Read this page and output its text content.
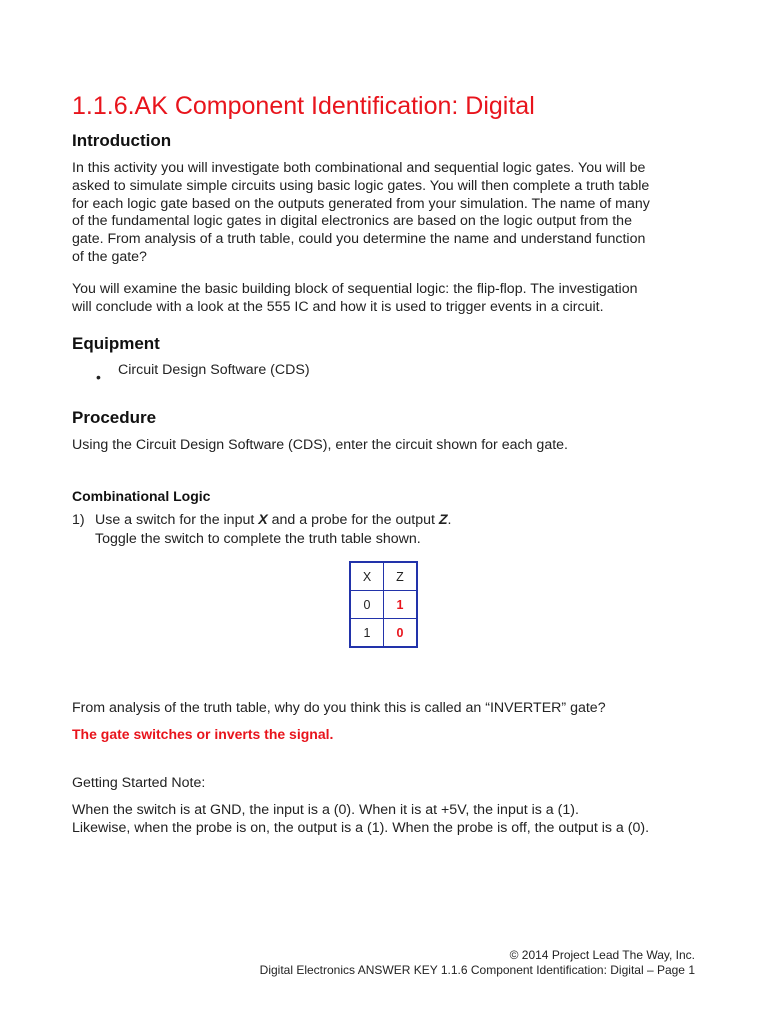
1.1.6.AK Component Identification: Digital
Introduction
In this activity you will investigate both combinational and sequential logic gates. You will be
asked to simulate simple circuits using basic logic gates. You will then complete a truth table
for each logic gate based on the outputs generated from your simulation. The name of many
of the fundamental logic gates in digital electronics are based on the logic output from the
gate. From analysis of a truth table, could you determine the name and understand function
of the gate?
You will examine the basic building block of sequential logic: the flip-flop. The investigation
will conclude with a look at the 555 IC and how it is used to trigger events in a circuit.
Equipment
• Circuit Design Software (CDS)
Procedure
Using the Circuit Design Software (CDS), enter the circuit shown for each gate.
Combinational Logic
1) Use a switch for the input X and a probe for the output Z.
Toggle the switch to complete the truth table shown.
X	Z
0	1
1	0
From analysis of the truth table, why do you think this is called an “INVERTER” gate?
The gate switches or inverts the signal.
Getting Started Note:
When the switch is at GND, the input is a (0). When it is at +5V, the input is a (1).
Likewise, when the probe is on, the output is a (1). When the probe is off, the output is a (0).
© 2014 Project Lead The Way, Inc.
Digital Electronics ANSWER KEY 1.1.6 Component Identification: Digital – Page 1
